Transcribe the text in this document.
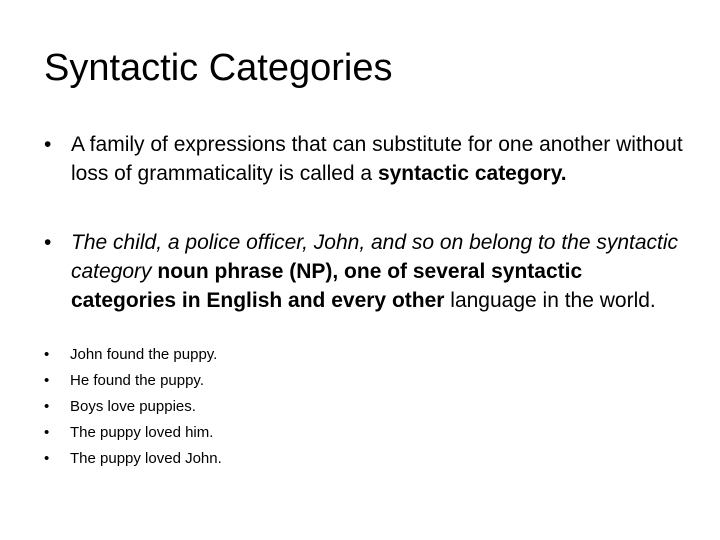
Syntactic Categories
• A family of expressions that can substitute for one another without loss of grammaticality is called a syntactic category.
• The child, a police officer, John, and so on belong to the syntactic category noun phrase (NP), one of several syntactic categories in English and every other language in the world.
• John found the puppy.
• He found the puppy.
• Boys love puppies.
• The puppy loved him.
• The puppy loved John.
